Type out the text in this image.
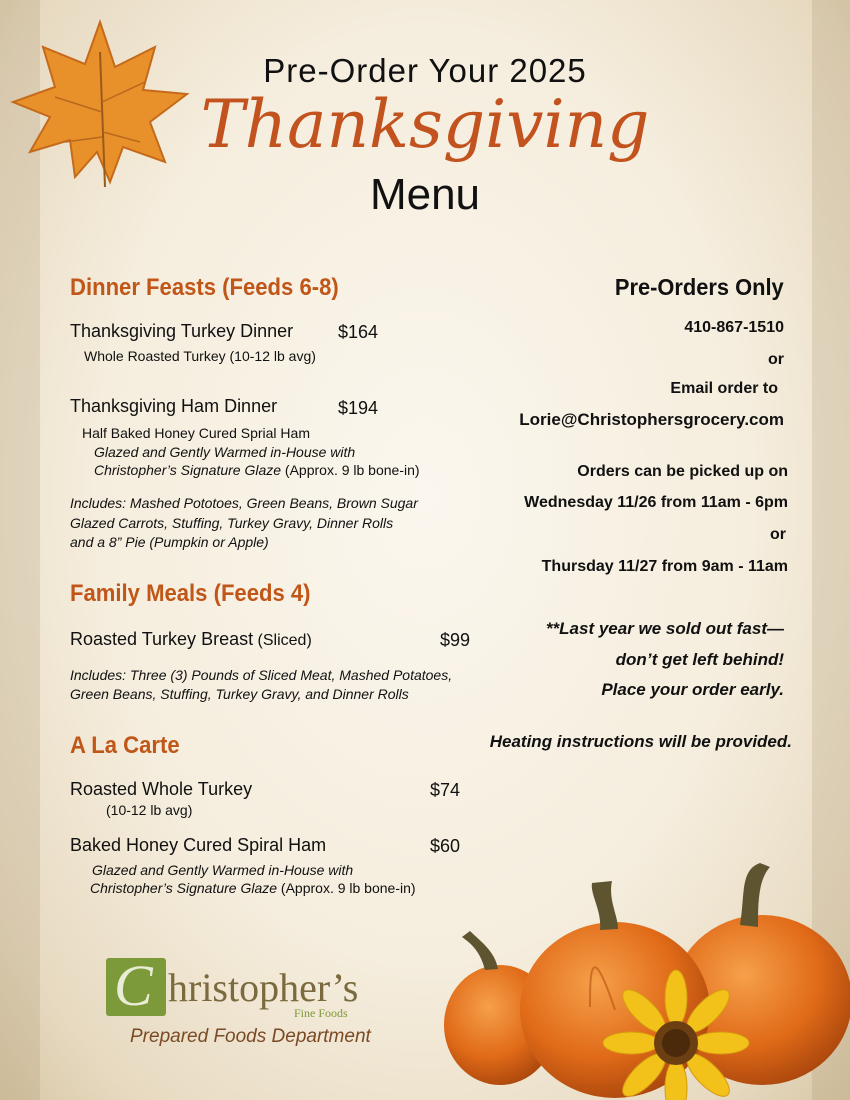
Pre-Order Your 2025
Thanksgiving
Menu
Dinner Feasts (Feeds 6-8)
Thanksgiving Turkey Dinner $164
Whole Roasted Turkey (10-12 lb avg)
Thanksgiving Ham Dinner	$194
Half Baked Honey Cured Sprial Ham
Glazed and Gently Warmed in-House with
Christopher’s Signature Glaze (Approx. 9 lb bone-in)
Includes: Mashed Pototoes, Green Beans, Brown Sugar
Glazed Carrots, Stuffing, Turkey Gravy, Dinner Rolls
and a 8” Pie (Pumpkin or Apple)
Family Meals (Feeds 4)
Roasted Turkey Breast (Sliced)	$99
Includes: Three (3) Pounds of Sliced Meat, Mashed Potatoes,
Green Beans, Stuffing, Turkey Gravy, and Dinner Rolls
A La Carte
Roasted Whole Turkey	$74
(10-12 lb avg)
Baked Honey Cured Spiral Ham	$60
Glazed and Gently Warmed in-House with
Christopher’s Signature Glaze (Approx. 9 lb bone-in)
Pre-Orders Only
410-867-1510
or
Email order to
Lorie@Christophersgrocery.com
Orders can be picked up on
Wednesday 11/26 from 11am - 6pm
or
Thursday 11/27 from 9am - 11am
**Last year we sold out fast—
don’t get left behind!
Place your order early.
Heating instructions will be provided.
C hristopher’s
Fine Foods
Prepared Foods Department
